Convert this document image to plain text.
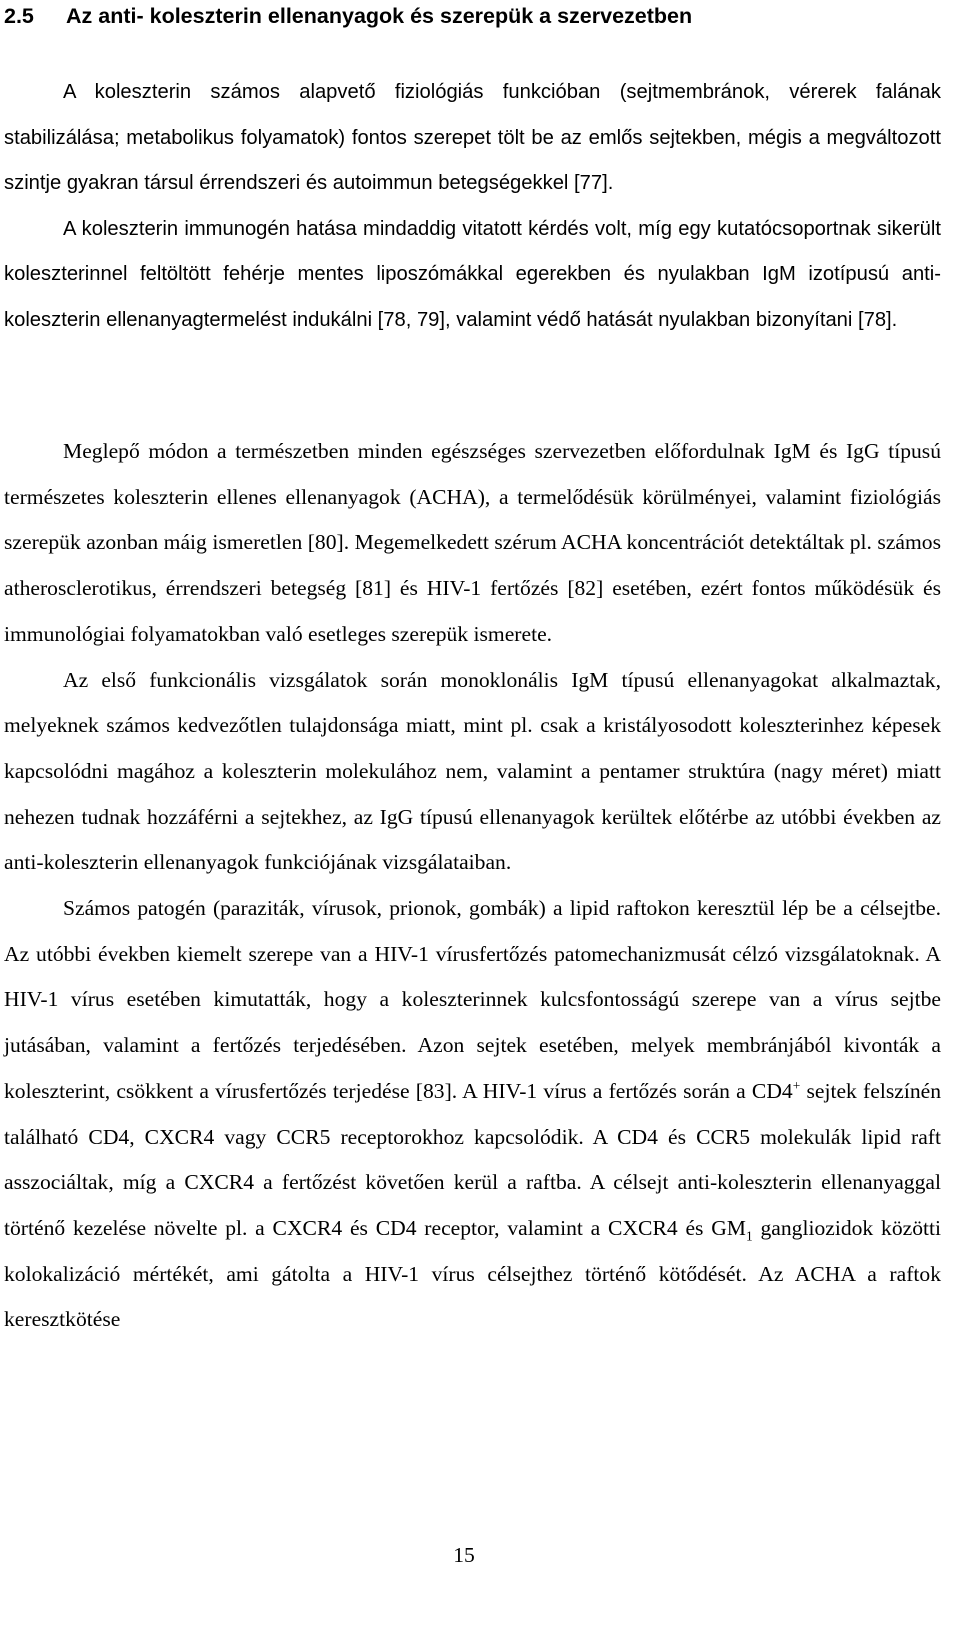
2.5 Az anti- koleszterin ellenanyagok és szerepük a szervezetben

A koleszterin számos alapvető fiziológiás funkcióban (sejtmembránok, vérerek falának stabilizálása; metabolikus folyamatok) fontos szerepet tölt be az emlős sejtekben, mégis a megváltozott szintje gyakran társul érrendszeri és autoimmun betegségekkel [77].

A koleszterin immunogén hatása mindaddig vitatott kérdés volt, míg egy kutatócsoportnak sikerült koleszterinnel feltöltött fehérje mentes liposzómákkal egerekben és nyulakban IgM izotípusú anti-koleszterin ellenanyagtermelést indukálni [78, 79], valamint védő hatását nyulakban bizonyítani [78].

Meglepő módon a természetben minden egészséges szervezetben előfordulnak IgM és IgG típusú természetes koleszterin ellenes ellenanyagok (ACHA), a termelődésük körülményei, valamint fiziológiás szerepük azonban máig ismeretlen [80]. Megemelkedett szérum ACHA koncentrációt detektáltak pl. számos atherosclerotikus, érrendszeri betegség [81] és HIV-1 fertőzés [82] esetében, ezért fontos működésük és immunológiai folyamatokban való esetleges szerepük ismerete.

Az első funkcionális vizsgálatok során monoklonális IgM típusú ellenanyagokat alkalmaztak, melyeknek számos kedvezőtlen tulajdonsága miatt, mint pl. csak a kristályosodott koleszterinhez képesek kapcsolódni magához a koleszterin molekulához nem, valamint a pentamer struktúra (nagy méret) miatt nehezen tudnak hozzáférni a sejtekhez, az IgG típusú ellenanyagok kerültek előtérbe az utóbbi években az anti-koleszterin ellenanyagok funkciójának vizsgálataiban.

Számos patogén (paraziták, vírusok, prionok, gombák) a lipid raftokon keresztül lép be a célsejtbe. Az utóbbi években kiemelt szerepe van a HIV-1 vírusfertőzés patomechanizmusát célzó vizsgálatoknak. A HIV-1 vírus esetében kimutatták, hogy a koleszterinnek kulcsfontosságú szerepe van a vírus sejtbe jutásában, valamint a fertőzés terjedésében. Azon sejtek esetében, melyek membránjából kivonták a koleszterint, csökkent a vírusfertőzés terjedése [83]. A HIV-1 vírus a fertőzés során a CD4+ sejtek felszínén található CD4, CXCR4 vagy CCR5 receptorokhoz kapcsolódik. A CD4 és CCR5 molekulák lipid raft asszociáltak, míg a CXCR4 a fertőzést követően kerül a raftba. A célsejt anti-koleszterin ellenanyaggal történő kezelése növelte pl. a CXCR4 és CD4 receptor, valamint a CXCR4 és $GM_1$ gangliozidok közötti kolokalizáció mértékét, ami gátolta a HIV-1 vírus célsejthez történő kötődését. Az ACHA a raftok keresztkötése

15
